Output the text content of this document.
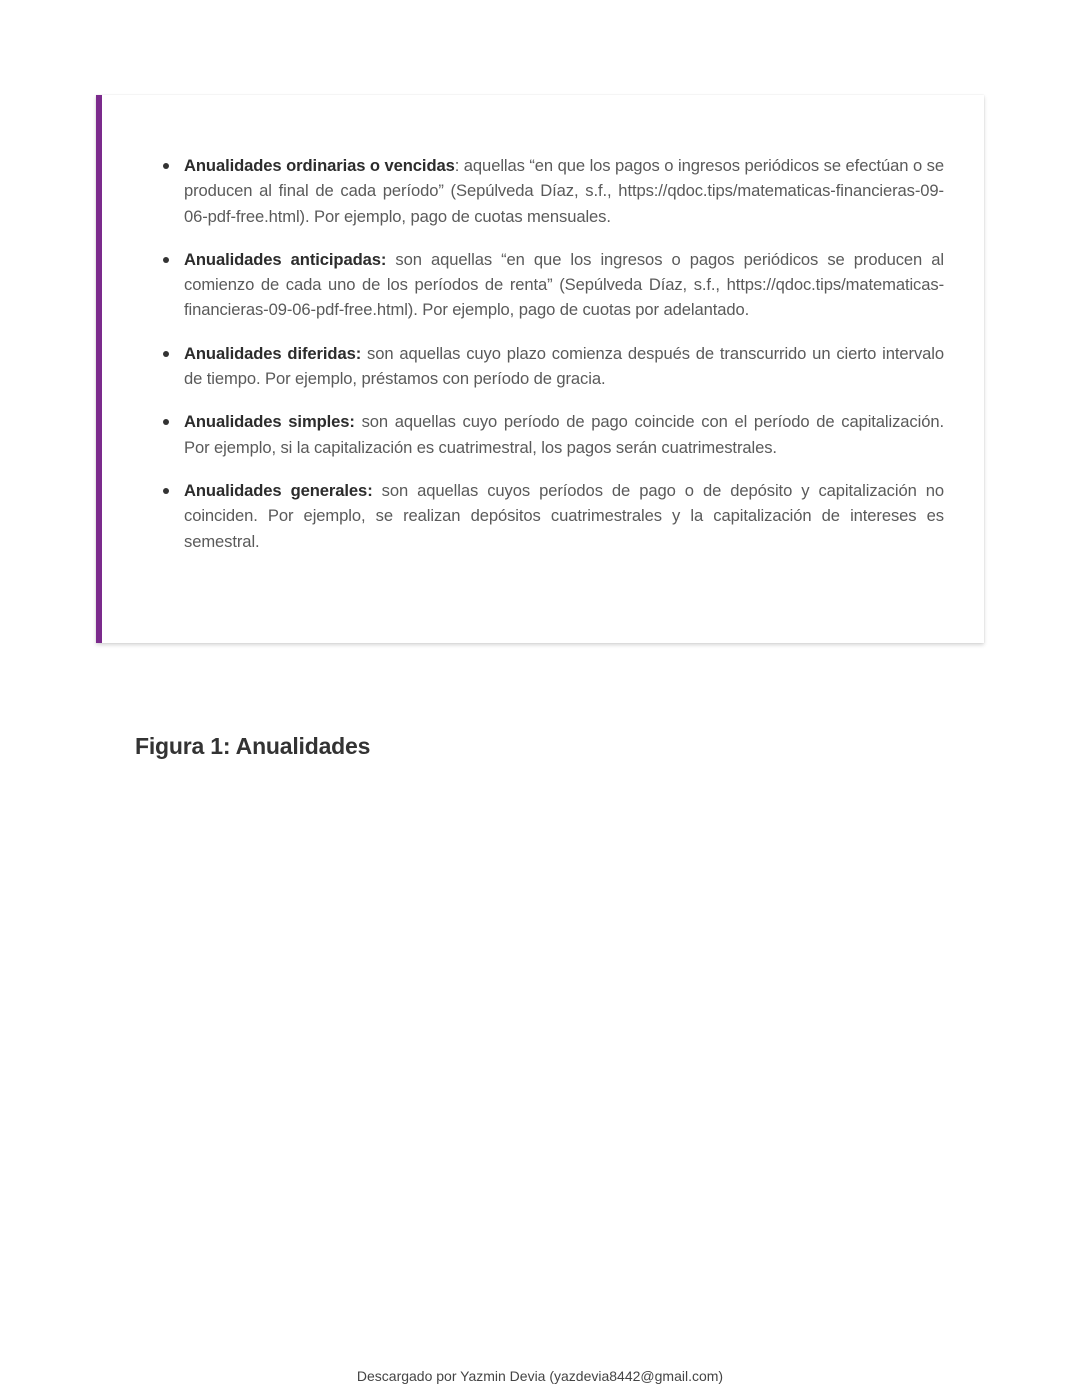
Anualidades ordinarias o vencidas: aquellas “en que los pagos o ingresos periódicos se efectúan o se producen al final de cada período” (Sepúlveda Díaz, s.f., https://qdoc.tips/matematicas-financieras-09-06-pdf-free.html). Por ejemplo, pago de cuotas mensuales.
Anualidades anticipadas: son aquellas “en que los ingresos o pagos periódicos se producen al comienzo de cada uno de los períodos de renta” (Sepúlveda Díaz, s.f., https://qdoc.tips/matematicas-financieras-09-06-pdf-free.html). Por ejemplo, pago de cuotas por adelantado.
Anualidades diferidas: son aquellas cuyo plazo comienza después de transcurrido un cierto intervalo de tiempo. Por ejemplo, préstamos con período de gracia.
Anualidades simples: son aquellas cuyo período de pago coincide con el período de capitalización. Por ejemplo, si la capitalización es cuatrimestral, los pagos serán cuatrimestrales.
Anualidades generales: son aquellas cuyos períodos de pago o de depósito y capitalización no coinciden. Por ejemplo, se realizan depósitos cuatrimestrales y la capitalización de intereses es semestral.
Figura 1: Anualidades
Descargado por Yazmin Devia (yazdevia8442@gmail.com)
